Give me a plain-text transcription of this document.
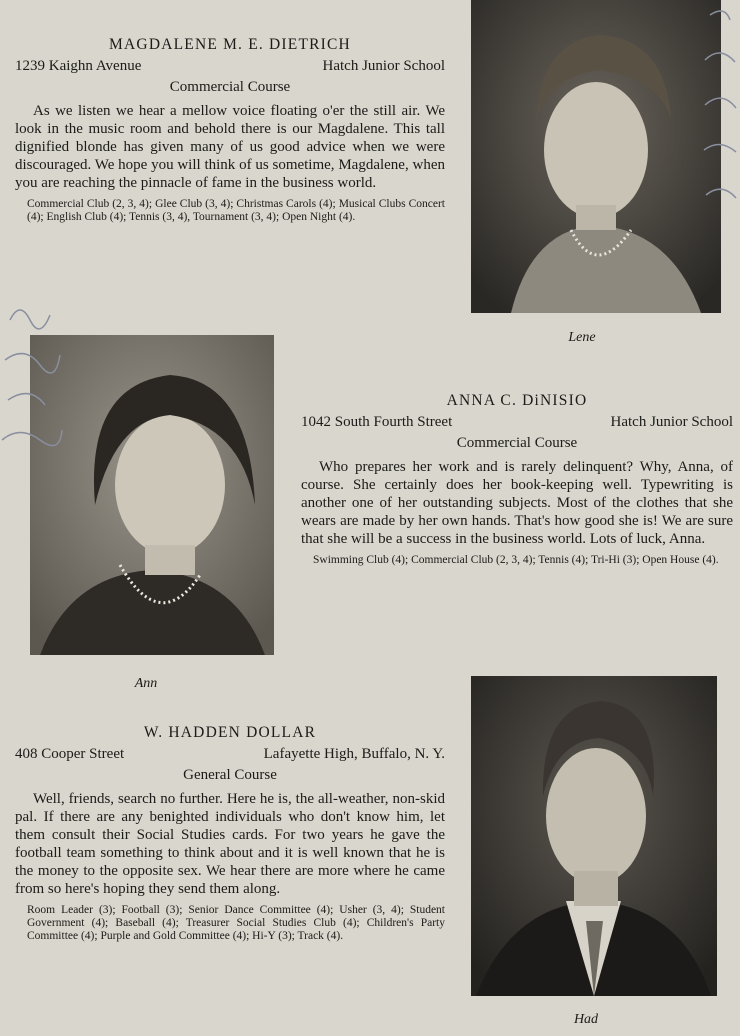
MAGDALENE M. E. DIETRICH
1239 Kaighn Avenue	Hatch Junior School
Commercial Course

As we listen we hear a mellow voice floating o'er the still air. We look in the music room and behold there is our Magdalene. This tall dignified blonde has given many of us good advice when we were discouraged. We hope you will think of us sometime, Magdalene, when you are reaching the pinnacle of fame in the business world.

Commercial Club (2, 3, 4); Glee Club (3, 4); Christmas Carols (4); Musical Clubs Concert (4); English Club (4); Tennis (3, 4), Tournament (3, 4); Open Night (4).

Lene
Ann
ANNA C. DiNISIO
1042 South Fourth Street	Hatch Junior School
Commercial Course

Who prepares her work and is rarely delinquent? Why, Anna, of course. She certainly does her book-keeping well. Typewriting is another one of her outstanding subjects. Most of the clothes that she wears are made by her own hands. That's how good she is! We are sure that she will be a success in the business world. Lots of luck, Anna.

Swimming Club (4); Commercial Club (2, 3, 4); Tennis (4); Tri-Hi (3); Open House (4).

W. HADDEN DOLLAR
408 Cooper Street	Lafayette High, Buffalo, N. Y.
General Course

Well, friends, search no further. Here he is, the all-weather, non-skid pal. If there are any benighted individuals who don't know him, let them consult their Social Studies cards. For two years he gave the football team something to think about and it is well known that he is the money to the opposite sex. We hear there are more where he came from so here's hoping they send them along.

Room Leader (3); Football (3); Senior Dance Committee (4); Usher (3, 4); Student Government (4); Baseball (4); Treasurer Social Studies Club (4); Children's Party Committee (4); Purple and Gold Committee (4); Hi-Y (3); Track (4).

Had
